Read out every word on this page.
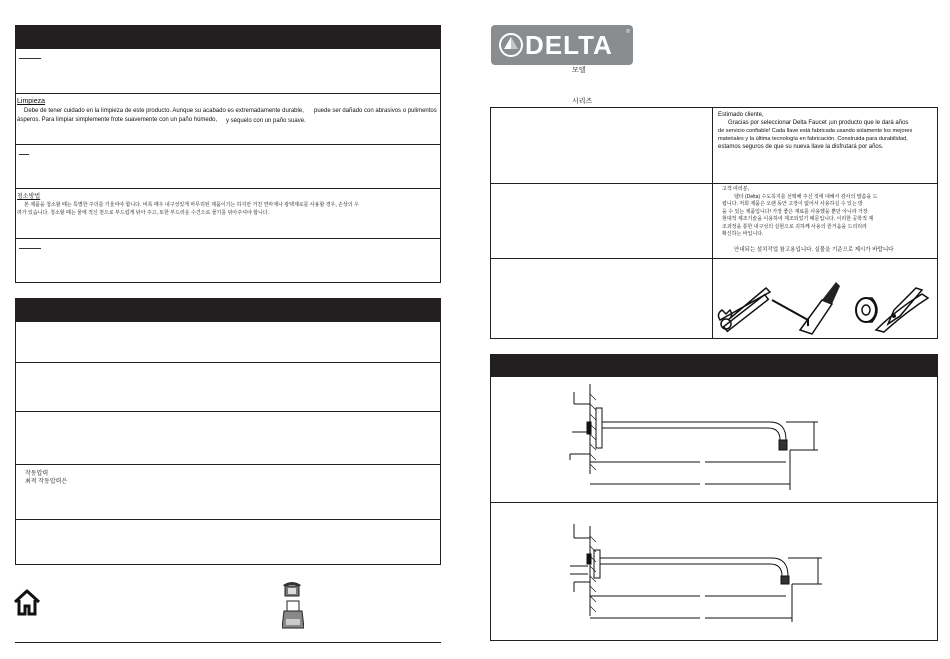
Limpieza
Debe de tener cuidado en la limpieza de este producto. Aunque su acabado es extremadamente durable, puede ser dañado con abrasivos o pulimentos
ásperos. Para limpiar simplemente frote suavemente con un paño húmedo, y séquelo con un paño suave.
청소방법
본 제품을 청소할 때는 특별한 주의를 기울여야 합니다. 비록 매우 내구성있게 마무리된 제품이기는 하지만 거친 연마제나 광택제로를 사용할 경우, 손상의 우
려가 있습니다. 청소할 때는 물에 적신 천으로 부드럽게 닦아 주고, 또한 부드러운 수건으로 물기를 닦아주셔야 합니다.
작동압력
최적 작동압력은
DELTA	®
모델
시리즈
Estimado cliente,
Gracias por seleccionar Delta Faucet ¡un producto que le dará años
de servicio confiable! Cada llave está fabricada usando solamente los mejores
materiales y la última tecnología en fabricación. Construida para durabilidad,
estamos seguros de que su nueva llave la disfrutará por años.
고객 여러분,
델타 (Delta) 수도꼭지를 선택해 주신 것에 대해서 감사의 말씀을 드
립니다. 저희 제품은 오랜 동안 고장이 없어서 사용하실 수 있는 방
을 수 있는 제품입니다! 가장 좋은 재료를 사용했을 뿐만 아니라 가장
현대적 제조기술을 이용하여 제조되었기 때문입니다. 이러한 공학적 제
조과정을 통한 내구성의 실현으로 귀하께 사용의 즐거움을 드리리라
확신하는 바입니다.
안내되는 설치작업 참고용입니다. 실물을 기준으로 제시가 바랍니다
